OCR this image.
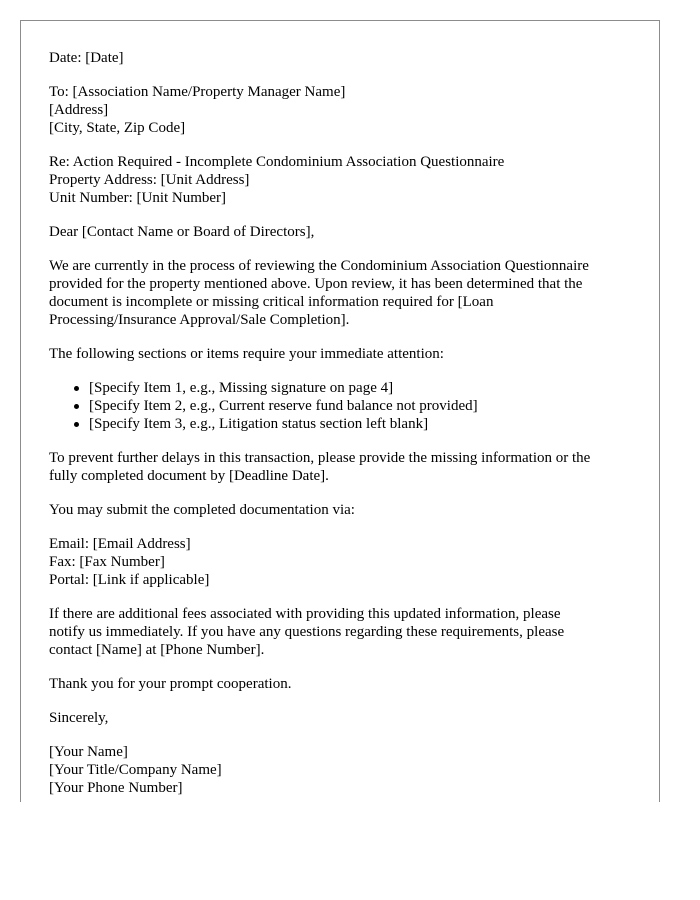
Date: [Date]
To: [Association Name/Property Manager Name]
[Address]
[City, State, Zip Code]
Re: Action Required - Incomplete Condominium Association Questionnaire
Property Address: [Unit Address]
Unit Number: [Unit Number]
Dear [Contact Name or Board of Directors],
We are currently in the process of reviewing the Condominium Association Questionnaire
provided for the property mentioned above. Upon review, it has been determined that the
document is incomplete or missing critical information required for [Loan
Processing/Insurance Approval/Sale Completion].
The following sections or items require your immediate attention:
[Specify Item 1, e.g., Missing signature on page 4]
[Specify Item 2, e.g., Current reserve fund balance not provided]
[Specify Item 3, e.g., Litigation status section left blank]
To prevent further delays in this transaction, please provide the missing information or the
fully completed document by [Deadline Date].
You may submit the completed documentation via:
Email: [Email Address]
Fax: [Fax Number]
Portal: [Link if applicable]
If there are additional fees associated with providing this updated information, please
notify us immediately. If you have any questions regarding these requirements, please
contact [Name] at [Phone Number].
Thank you for your prompt cooperation.
Sincerely,
[Your Name]
[Your Title/Company Name]
[Your Phone Number]
